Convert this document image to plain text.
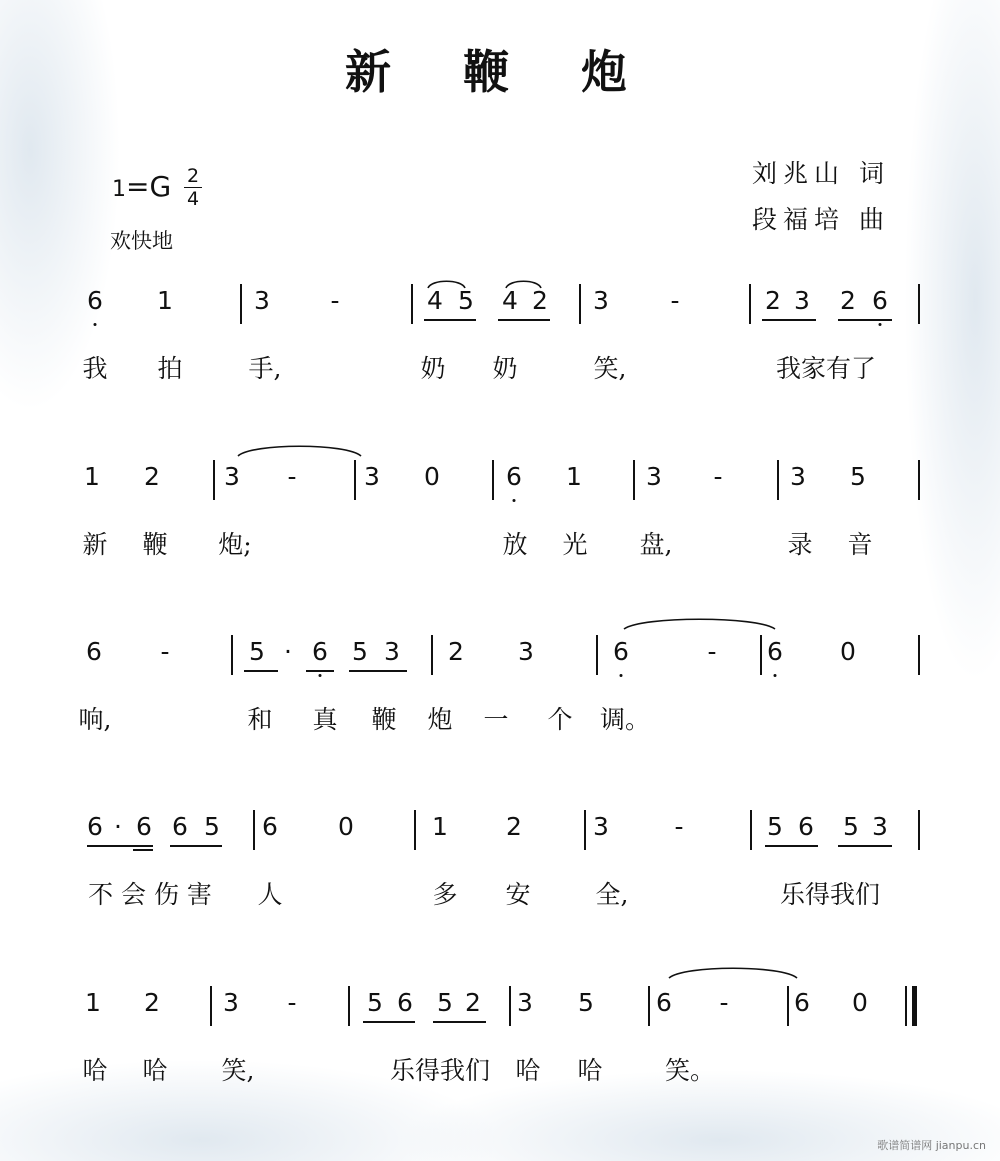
新 鞭 炮
1=G 2
4
欢快地
刘兆山 词
段福培 曲
6 1	3 -	4 5 4 2 3 -	2 3 2 6
我 拍	手,	奶 奶	笑,	我家有了
1 2	3 -	3 0	6 1	3 -	3 5
新 鞭 炮;	放 光 盘,	录 音
6 -	5 · 6 5 3 2 3	6	- 6 0
响,	和 真 鞭 炮 一 个 调。
6 · 6 6 5 6 0	1 2	3	-	5 6 5 3
不 会 伤 害 人	多 安	全,	乐得我们
1 2	3 -	5 6 5 2 3 5 6 -	6 0
哈 哈 笑,	乐得我们 哈 哈 笑。
歌谱简谱网 jianpu.cn
